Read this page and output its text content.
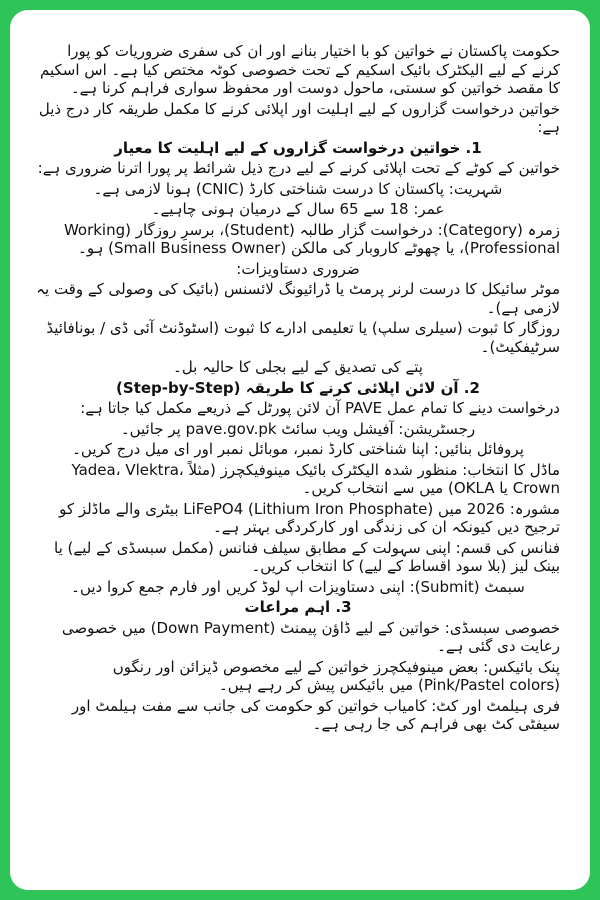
حکومت پاکستان نے خواتین کو با اختیار بنانے اور ان کی سفری ضروریات کو پورا کرنے کے لیے الیکٹرک بائیک اسکیم کے تحت خصوصی کوٹہ مختص کیا ہے۔ اس اسکیم کا مقصد خواتین کو سستی، ماحول دوست اور محفوظ سواری فراہم کرنا ہے۔

خواتین درخواست گزاروں کے لیے اہلیت اور اپلائی کرنے کا مکمل طریقہ کار درج ذیل ہے:

1. خواتین درخواست گزاروں کے لیے اہلیت کا معیار

خواتین کے کوٹے کے تحت اپلائی کرنے کے لیے درج ذیل شرائط پر پورا اترنا ضروری ہے:

شہریت: پاکستان کا درست شناختی کارڈ (CNIC) ہونا لازمی ہے۔

عمر: 18 سے 65 سال کے درمیان ہونی چاہیے۔

زمرہ (Category): درخواست گزار طالبہ (Student)، برسرِ روزگار (Working Professional)، یا چھوٹے کاروبار کی مالکن (Small Business Owner) ہو۔

ضروری دستاویزات:

موٹر سائیکل کا درست لرنر پرمٹ یا ڈرائیونگ لائسنس (بائیک کی وصولی کے وقت یہ لازمی ہے)۔

روزگار کا ثبوت (سیلری سلپ) یا تعلیمی ادارے کا ثبوت (اسٹوڈنٹ آئی ڈی / بونافائیڈ سرٹیفکیٹ)۔

پتے کی تصدیق کے لیے بجلی کا حالیہ بل۔

2. آن لائن اپلائی کرنے کا طریقہ (Step-by-Step)

درخواست دینے کا تمام عمل PAVE آن لائن پورٹل کے ذریعے مکمل کیا جاتا ہے:

رجسٹریشن: آفیشل ویب سائٹ pave.gov.pk پر جائیں۔

پروفائل بنائیں: اپنا شناختی کارڈ نمبر، موبائل نمبر اور ای میل درج کریں۔

ماڈل کا انتخاب: منظور شدہ الیکٹرک بائیک مینوفیکچرز (مثلاً Yadea، Vlektra، Crown یا OKLA) میں سے انتخاب کریں۔

مشورہ: 2026 میں LiFePO4 (Lithium Iron Phosphate) بیٹری والے ماڈلز کو ترجیح دیں کیونکہ ان کی زندگی اور کارکردگی بہتر ہے۔

فنانس کی قسم: اپنی سہولت کے مطابق سیلف فنانس (مکمل سبسڈی کے لیے) یا بینک لیز (بلا سود اقساط کے لیے) کا انتخاب کریں۔

سبمٹ (Submit): اپنی دستاویزات اپ لوڈ کریں اور فارم جمع کروا دیں۔

3. اہم مراعات

خصوصی سبسڈی: خواتین کے لیے ڈاؤن پیمنٹ (Down Payment) میں خصوصی رعایت دی گئی ہے۔

پنک بائیکس: بعض مینوفیکچرز خواتین کے لیے مخصوص ڈیزائن اور رنگوں (Pink/Pastel colors) میں بائیکس پیش کر رہے ہیں۔

فری ہیلمٹ اور کٹ: کامیاب خواتین کو حکومت کی جانب سے مفت ہیلمٹ اور سیفٹی کٹ بھی فراہم کی جا رہی ہے۔
